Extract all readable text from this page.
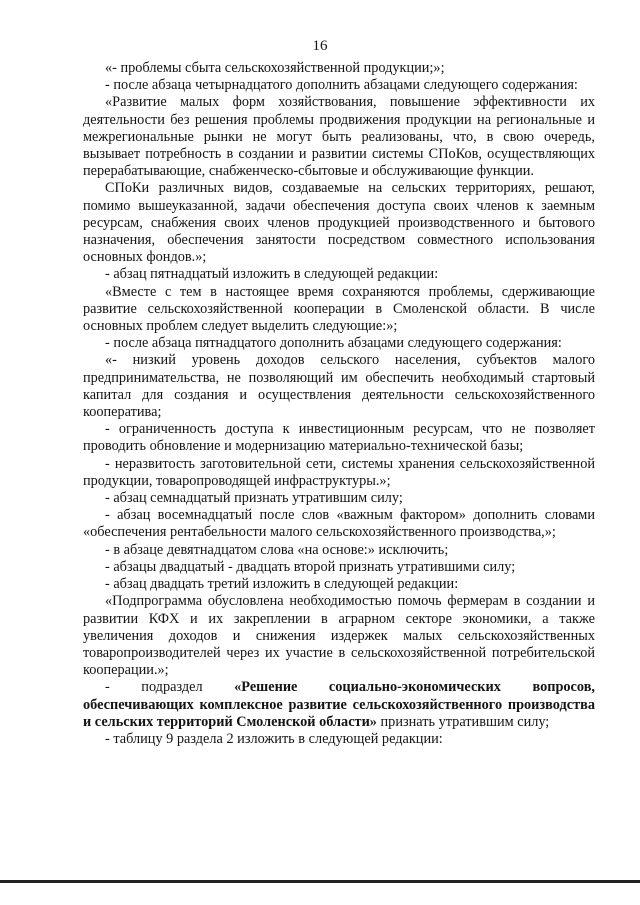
16

«- проблемы сбыта сельскохозяйственной продукции;»;

- после абзаца четырнадцатого дополнить абзацами следующего содержания:

«Развитие малых форм хозяйствования, повышение эффективности их деятельности без решения проблемы продвижения продукции на региональные и межрегиональные рынки не могут быть реализованы, что, в свою очередь, вызывает потребность в создании и развитии системы СПоКов, осуществляющих перерабатывающие, снабженческо-сбытовые и обслуживающие функции.

СПоКи различных видов, создаваемые на сельских территориях, решают, помимо вышеуказанной, задачи обеспечения доступа своих членов к заемным ресурсам, снабжения своих членов продукцией производственного и бытового назначения, обеспечения занятости посредством совместного использования основных фондов.»;

- абзац пятнадцатый изложить в следующей редакции:

«Вместе с тем в настоящее время сохраняются проблемы, сдерживающие развитие сельскохозяйственной кооперации в Смоленской области. В числе основных проблем следует выделить следующие:»;

- после абзаца пятнадцатого дополнить абзацами следующего содержания:

«- низкий уровень доходов сельского населения, субъектов малого предпринимательства, не позволяющий им обеспечить необходимый стартовый капитал для создания и осуществления деятельности сельскохозяйственного кооператива;

- ограниченность доступа к инвестиционным ресурсам, что не позволяет проводить обновление и модернизацию материально-технической базы;

- неразвитость заготовительной сети, системы хранения сельскохозяйственной продукции, товаропроводящей инфраструктуры.»;

- абзац семнадцатый признать утратившим силу;

- абзац восемнадцатый после слов «важным фактором» дополнить словами «обеспечения рентабельности малого сельскохозяйственного производства,»;

- в абзаце девятнадцатом слова «на основе:» исключить;

- абзацы двадцатый - двадцать второй признать утратившими силу;

- абзац двадцать третий изложить в следующей редакции:

«Подпрограмма обусловлена необходимостью помочь фермерам в создании и развитии КФХ и их закреплении в аграрном секторе экономики, а также увеличения доходов и снижения издержек малых сельскохозяйственных товаропроизводителей через их участие в сельскохозяйственной потребительской кооперации.»;

- подраздел «Решение социально-экономических вопросов, обеспечивающих комплексное развитие сельскохозяйственного производства и сельских территорий Смоленской области» признать утратившим силу;

- таблицу 9 раздела 2 изложить в следующей редакции:
